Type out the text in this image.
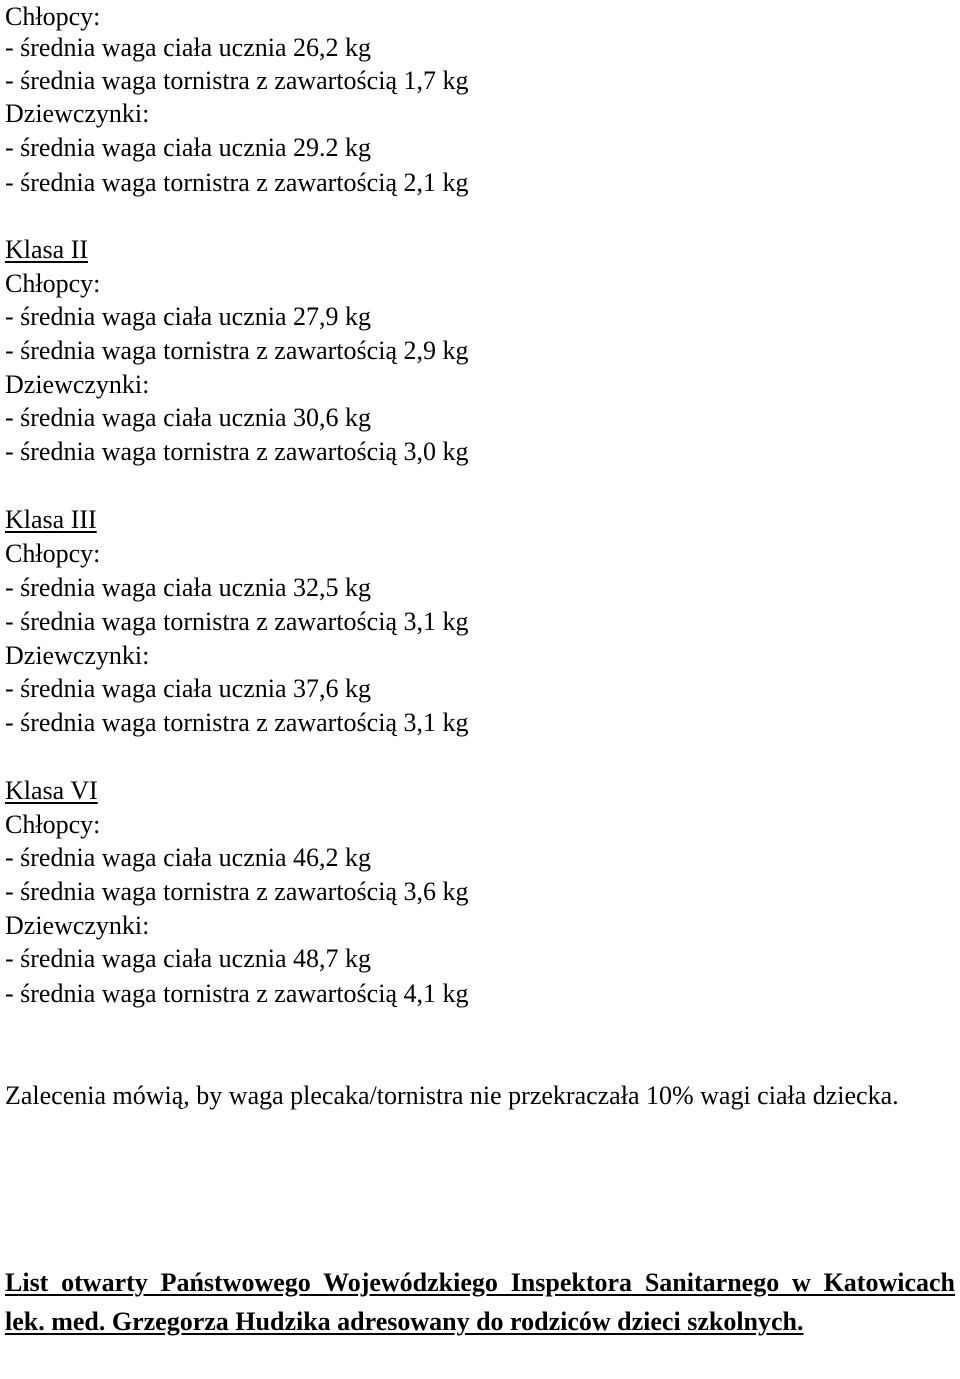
Chłopcy:
- średnia waga ciała ucznia 26,2 kg
- średnia waga tornistra z zawartością 1,7 kg
Dziewczynki:
- średnia waga ciała ucznia 29.2 kg
- średnia waga tornistra z zawartością 2,1 kg
Klasa II
Chłopcy:
- średnia waga ciała ucznia 27,9 kg
- średnia waga tornistra z zawartością 2,9 kg
Dziewczynki:
- średnia waga ciała ucznia 30,6 kg
- średnia waga tornistra z zawartością 3,0 kg
Klasa III
Chłopcy:
- średnia waga ciała ucznia 32,5 kg
- średnia waga tornistra z zawartością 3,1 kg
Dziewczynki:
- średnia waga ciała ucznia 37,6 kg
- średnia waga tornistra z zawartością 3,1 kg
Klasa VI
Chłopcy:
- średnia waga ciała ucznia 46,2 kg
- średnia waga tornistra z zawartością 3,6 kg
Dziewczynki:
- średnia waga ciała ucznia 48,7 kg
- średnia waga tornistra z zawartością 4,1 kg
Zalecenia mówią, by waga plecaka/tornistra nie przekraczała 10% wagi ciała dziecka.
List otwarty Państwowego Wojewódzkiego Inspektora Sanitarnego w Katowicach lek. med. Grzegorza Hudzika adresowany do rodziców dzieci szkolnych.
